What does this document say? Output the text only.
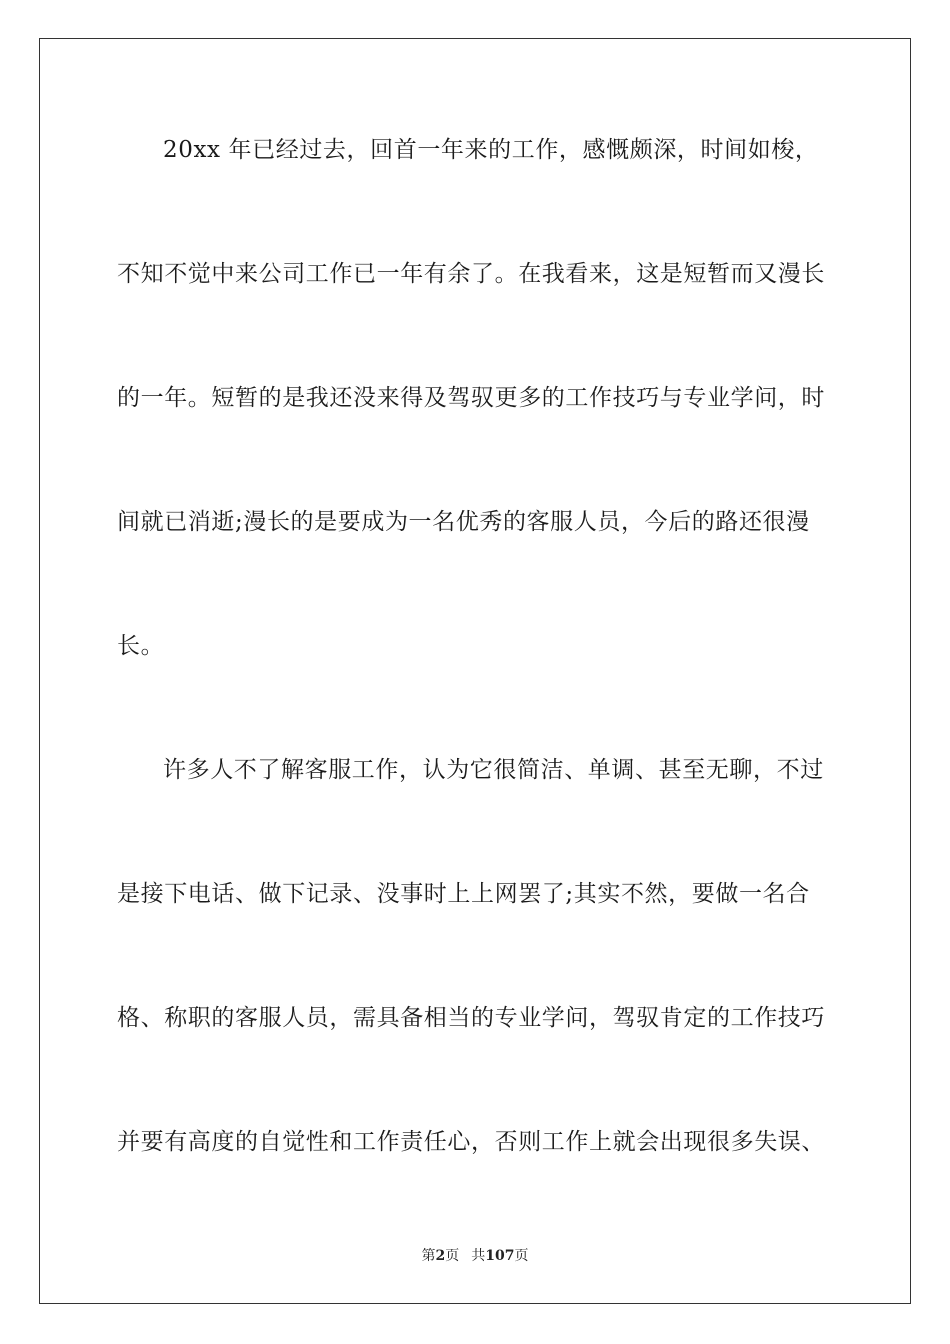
20xx 年已经过去，回首一年来的工作，感慨颇深，时间如梭，
不知不觉中来公司工作已一年有余了。在我看来，这是短暂而又漫长
的一年。短暂的是我还没来得及驾驭更多的工作技巧与专业学问，时
间就已消逝;漫长的是要成为一名优秀的客服人员，今后的路还很漫
长。
许多人不了解客服工作，认为它很简洁、单调、甚至无聊，不过
是接下电话、做下记录、没事时上上网罢了;其实不然，要做一名合
格、称职的客服人员，需具备相当的专业学问，驾驭肯定的工作技巧
并要有高度的自觉性和工作责任心，否则工作上就会出现很多失误、
第2页 共107页
